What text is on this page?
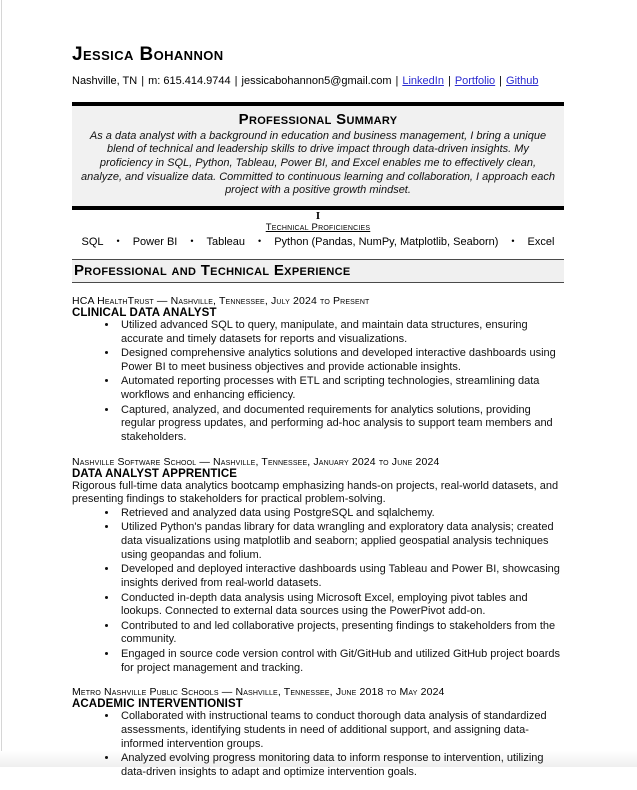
Jessica Bohannon

Nashville, TN | m: 615.414.9744 | jessicabohannon5@gmail.com | LinkedIn | Portfolio | Github

Professional Summary

As a data analyst with a background in education and business management, I bring a unique blend of technical and leadership skills to drive impact through data-driven insights. My proficiency in SQL, Python, Tableau, Power BI, and Excel enables me to effectively clean, analyze, and visualize data. Committed to continuous learning and collaboration, I approach each project with a positive growth mindset.

I
Technical Proficiencies
SQL • Power BI • Tableau • Python (Pandas, NumPy, Matplotlib, Seaborn) • Excel
Professional and Technical Experience

HCA HealthTrust — Nashville, Tennessee, July 2024 to Present

CLINICAL DATA ANALYST

• Utilized advanced SQL to query, manipulate, and maintain data structures, ensuring accurate and timely datasets for reports and visualizations.
• Designed comprehensive analytics solutions and developed interactive dashboards using Power BI to meet business objectives and provide actionable insights.
• Automated reporting processes with ETL and scripting technologies, streamlining data workflows and enhancing efficiency.
• Captured, analyzed, and documented requirements for analytics solutions, providing regular progress updates, and performing ad-hoc analysis to support team members and stakeholders.

Nashville Software School — Nashville, Tennessee, January 2024 to June 2024

DATA ANALYST APPRENTICE

Rigorous full-time data analytics bootcamp emphasizing hands-on projects, real-world datasets, and presenting findings to stakeholders for practical problem-solving.

• Retrieved and analyzed data using PostgreSQL and sqlalchemy.
• Utilized Python's pandas library for data wrangling and exploratory data analysis; created data visualizations using matplotlib and seaborn; applied geospatial analysis techniques using geopandas and folium.
• Developed and deployed interactive dashboards using Tableau and Power BI, showcasing insights derived from real-world datasets.
• Conducted in-depth data analysis using Microsoft Excel, employing pivot tables and lookups. Connected to external data sources using the PowerPivot add-on.
• Contributed to and led collaborative projects, presenting findings to stakeholders from the community.
• Engaged in source code version control with Git/GitHub and utilized GitHub project boards for project management and tracking.

Metro Nashville Public Schools — Nashville, Tennessee, June 2018 to May 2024

ACADEMIC INTERVENTIONIST

• Collaborated with instructional teams to conduct thorough data analysis of standardized assessments, identifying students in need of additional support, and assigning data-informed intervention groups.
• Analyzed evolving progress monitoring data to inform response to intervention, utilizing data-driven insights to adapt and optimize intervention goals.
